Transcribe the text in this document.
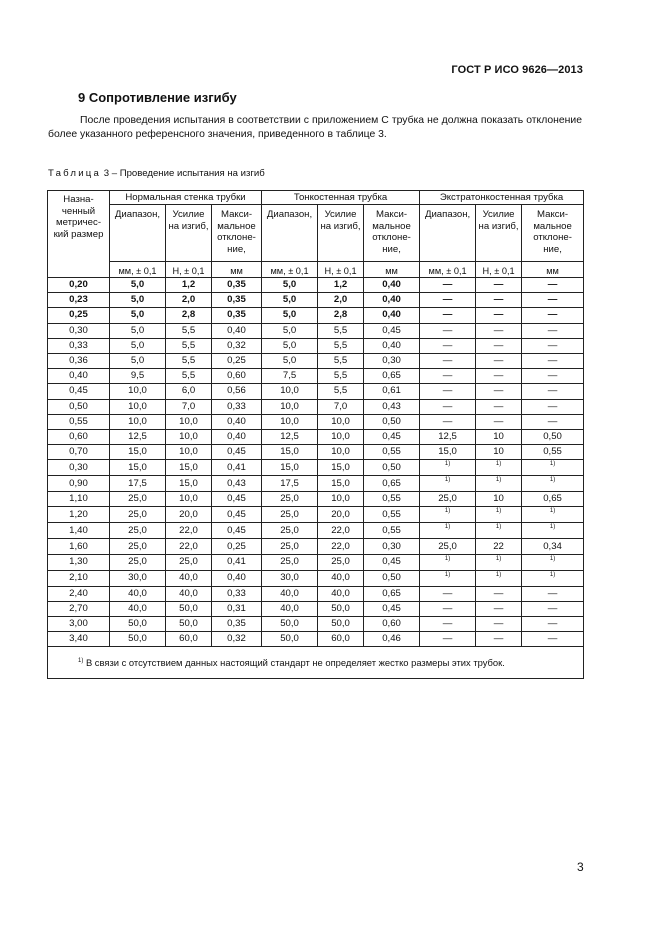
ГОСТ Р ИСО 9626—2013
9 Сопротивление изгибу
После проведения испытания в соответствии с приложением С трубка не должна показать отклонение более указанного референсного значения, приведенного в таблице 3.
Таблица 3 – Проведение испытания на изгиб
Назна-ченный метричес-кий размер	Нормальная стенка трубки			Тонкостенная трубка			Экстратонкостенная трубка		
	Диапазон,	Усилие на изгиб,	Макси-мальное отклоне-ние,	Диапазон,	Усилие на изгиб,	Макси-мальное отклоне-ние,	Диапазон,	Усилие на изгиб,	Макси-мальное отклоне-ние,
	мм, ± 0,1	Н, ± 0,1	мм	мм, ± 0,1	Н, ± 0,1	мм	мм, ± 0,1	Н, ± 0,1	мм
0,20	5,0	1,2	0,35	5,0	1,2	0,40	—	—	—
0,23	5,0	2,0	0,35	5,0	2,0	0,40	—	—	—
0,25	5,0	2,8	0,35	5,0	2,8	0,40	—	—	—
0,30	5,0	5,5	0,40	5,0	5,5	0,45	—	—	—
0,33	5,0	5,5	0,32	5,0	5,5	0,40	—	—	—
0,36	5,0	5,5	0,25	5,0	5,5	0,30	—	—	—
0,40	9,5	5,5	0,60	7,5	5,5	0,65	—	—	—
0,45	10,0	6,0	0,56	10,0	5,5	0,61	—	—	—
0,50	10,0	7,0	0,33	10,0	7,0	0,43	—	—	—
0,55	10,0	10,0	0,40	10,0	10,0	0,50	—	—	—
0,60	12,5	10,0	0,40	12,5	10,0	0,45	12,5	10	0,50
0,70	15,0	10,0	0,45	15,0	10,0	0,55	15,0	10	0,55
0,30	15,0	15,0	0,41	15,0	15,0	0,50	$^{1)}$	$^{1)}$	$^{1)}$
0,90	17,5	15,0	0,43	17,5	15,0	0,65	$^{1)}$	$^{1)}$	$^{1)}$
1,10	25,0	10,0	0,45	25,0	10,0	0,55	25,0	10	0,65
1,20	25,0	20,0	0,45	25,0	20,0	0,55	$^{1)}$	$^{1)}$	$^{1)}$
1,40	25,0	22,0	0,45	25,0	22,0	0,55	$^{1)}$	$^{1)}$	$^{1)}$
1,60	25,0	22,0	0,25	25,0	22,0	0,30	25,0	22	0,34
1,30	25,0	25,0	0,41	25,0	25,0	0,45	$^{1)}$	$^{1)}$	$^{1)}$
2,10	30,0	40,0	0,40	30,0	40,0	0,50	$^{1)}$	$^{1)}$	$^{1)}$
2,40	40,0	40,0	0,33	40,0	40,0	0,65	—	—	—
2,70	40,0	50,0	0,31	40,0	50,0	0,45	—	—	—
3,00	50,0	50,0	0,35	50,0	50,0	0,60	—	—	—
3,40	50,0	60,0	0,32	50,0	60,0	0,46	—	—	—
$^{1)}$ В связи с отсутствием данных настоящий стандарт не определяет жестко размеры этих трубок.									
3
